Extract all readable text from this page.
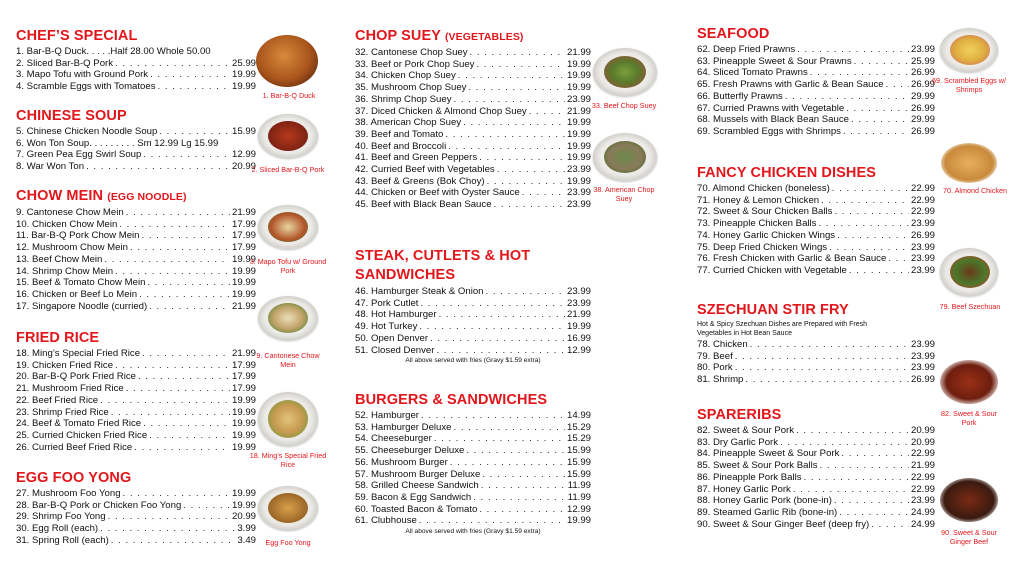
CHEF’S SPECIAL
1. Bar-B-Q Duck . . . . .Half 28.00 Whole 50.00
2. Sliced Bar-B-Q Pork . . .	25.99
3. Mapo Tofu with Ground Pork . . .	19.99
4. Scramble Eggs with Tomatoes . . .	19.99
CHINESE SOUP
5. Chinese Chicken Noodle Soup . . .	15.99
6. Won Ton Soup . . . . . . . . . Sm 12.99 Lg 15.99
7. Green Pea Egg Swirl Soup . . .	12.99
8. War Won Ton . . .	20.99
CHOW MEIN (EGG NOODLE)
9. Cantonese Chow Mein . . .	21.99
10. Chicken Chow Mein . . .	17.99
11. Bar-B-Q Pork Chow Mein . . .	17.99
12. Mushroom Chow Mein . . .	17.99
13. Beef Chow Mein . . .	19.99
14. Shrimp Chow Mein . . .	19.99
15. Beef & Tomato Chow Mein . . .	19.99
16. Chicken or Beef Lo Mein . . .	19.99
17. Singapore Noodle (curried) . . .	21.99
FRIED RICE
18. Ming’s Special Fried Rice . . .	21.99
19. Chicken Fried Rice . . .	17.99
20. Bar-B-Q Pork Fried Rice . . .	17.99
21. Mushroom Fried Rice . . .	17.99
22. Beef Fried Rice . . .	19.99
23. Shrimp Fried Rice . . .	19.99
24. Beef & Tomato Fried Rice . . .	19.99
25. Curried Chicken Fried Rice . . .	19.99
26. Curried Beef Fried Rice . . .	19.99
EGG FOO YONG
27. Mushroom Foo Yong . . .	19.99
28. Bar-B-Q Pork or Chicken Foo Yong . . .	19.99
29. Shrimp Foo Yong . . .	20.99
30. Egg Roll (each) . . .	3.99
31. Spring Roll (each) . . .	3.49
1. Bar-B-Q Duck
2. Sliced Bar-B-Q Pork
3. Mapo Tofu w/ Ground Pork
9. Cantonese Chow Mein
18. Ming’s Special Fried Rice
Egg Foo Yong
CHOP SUEY (VEGETABLES)
32. Cantonese Chop Suey . . .	21.99
33. Beef or Pork Chop Suey . . .	19.99
34. Chicken Chop Suey . . .	19.99
35. Mushroom Chop Suey . . .	19.99
36. Shrimp Chop Suey . . .	23.99
37. Diced Chicken & Almond Chop Suey . . .	21.99
38. American Chop Suey . . .	19.99
39. Beef and Tomato . . .	19.99
40. Beef and Broccoli . . .	19.99
41. Beef and Green Peppers . . .	19.99
42. Curried Beef with Vegetables . . .	23.99
43. Beef & Greens (Bok Choy) . . .	19.99
44. Chicken or Beef with Oyster Sauce . . .	23.99
45. Beef with Black Bean Sauce . . .	23.99
STEAK, CUTLETS & HOT SANDWICHES
46. Hamburger Steak & Onion . . .	23.99
47. Pork Cutlet . . .	23.99
48. Hot Hamburger . . .	21.99
49. Hot Turkey . . .	19.99
50. Open Denver . . .	16.99
51. Closed Denver . . .	12.99
All above served with fries (Gravy $1.59 extra)
BURGERS & SANDWICHES
52. Hamburger . . .	14.99
53. Hamburger Deluxe . . .	15.29
54. Cheeseburger . . .	15.29
55. Cheeseburger Deluxe . . .	15.99
56. Mushroom Burger . . .	15.99
57. Mushroom Burger Deluxe . . .	15.99
58. Grilled Cheese Sandwich . . .	11.99
59. Bacon & Egg Sandwich . . .	11.99
60. Toasted Bacon & Tomato . . .	12.99
61. Clubhouse . . .	19.99
All above served with fries (Gravy $1.59 extra)
33. Beef Chop Suey
38. American Chop Suey
SEAFOOD
62. Deep Fried Prawns . . .	23.99
63. Pineapple Sweet & Sour Prawns . . .	25.99
64. Sliced Tomato Prawns . . .	26.99
65. Fresh Prawns with Garlic & Bean Sauce . . .	26.99
66. Butterfly Prawns . . .	29.99
67. Curried Prawns with Vegetable . . .	26.99
68. Mussels with Black Bean Sauce . . .	29.99
69. Scrambled Eggs with Shrimps . . .	26.99
FANCY CHICKEN DISHES
70. Almond Chicken (boneless) . . .	22.99
71. Honey & Lemon Chicken . . .	22.99
72. Sweet & Sour Chicken Balls . . .	22.99
73. Pineapple Chicken Balls . . .	23.99
74. Honey Garlic Chicken Wings . . .	26.99
75. Deep Fried Chicken Wings . . .	23.99
76. Fresh Chicken with Garlic & Bean Sauce . . .	23.99
77. Curried Chicken with Vegetable . . .	23.99
SZECHUAN STIR FRY
Hot & Spicy Szechuan Dishes are Prepared with Fresh Vegetables in Hot Bean Sauce
78. Chicken . . .	23.99
79. Beef . . .	23.99
80. Pork . . .	23.99
81. Shrimp . . .	26.99
SPARERIBS
82. Sweet & Sour Pork . . .	20.99
83. Dry Garlic Pork . . .	20.99
84. Pineapple Sweet & Sour Pork . . .	22.99
85. Sweet & Sour Pork Balls . . .	21.99
86. Pineapple Pork Balls . . .	22.99
87. Honey Garlic Pork . . .	22.99
88. Honey Garlic Pork (bone-in) . . .	23.99
89. Steamed Garlic Rib (bone-in) . . .	24.99
90. Sweet & Sour Ginger Beef (deep fry) . . .	24.99
69. Scrambled Eggs w/ Shrimps
70. Almond Chicken
79. Beef Szechuan
82. Sweet & Sour Pork
90. Sweet & Sour Ginger Beef
